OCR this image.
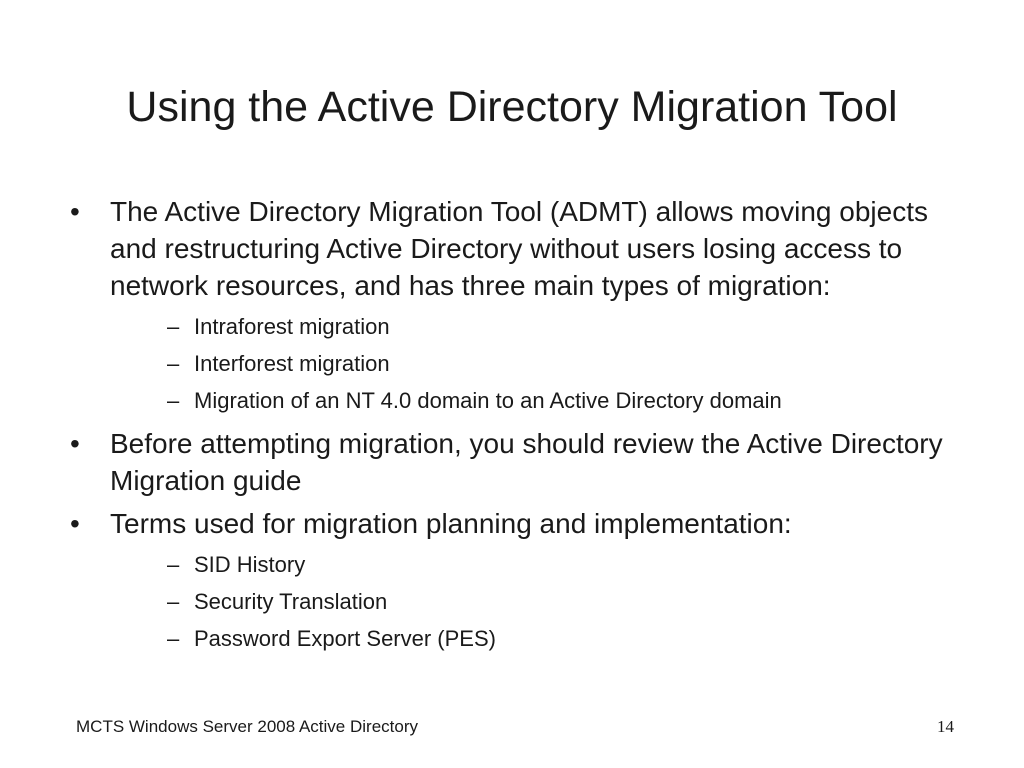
Using the Active Directory Migration Tool
•	The Active Directory Migration Tool (ADMT) allows moving objects and restructuring Active Directory without users losing access to network resources, and has three main types of migration:
– Intraforest migration
– Interforest migration
– Migration of an NT 4.0 domain to an Active Directory domain
•	Before attempting migration, you should review the Active Directory Migration guide
•	Terms used for migration planning and implementation:
– SID History
– Security Translation
– Password Export Server (PES)
MCTS Windows Server 2008 Active Directory	14
